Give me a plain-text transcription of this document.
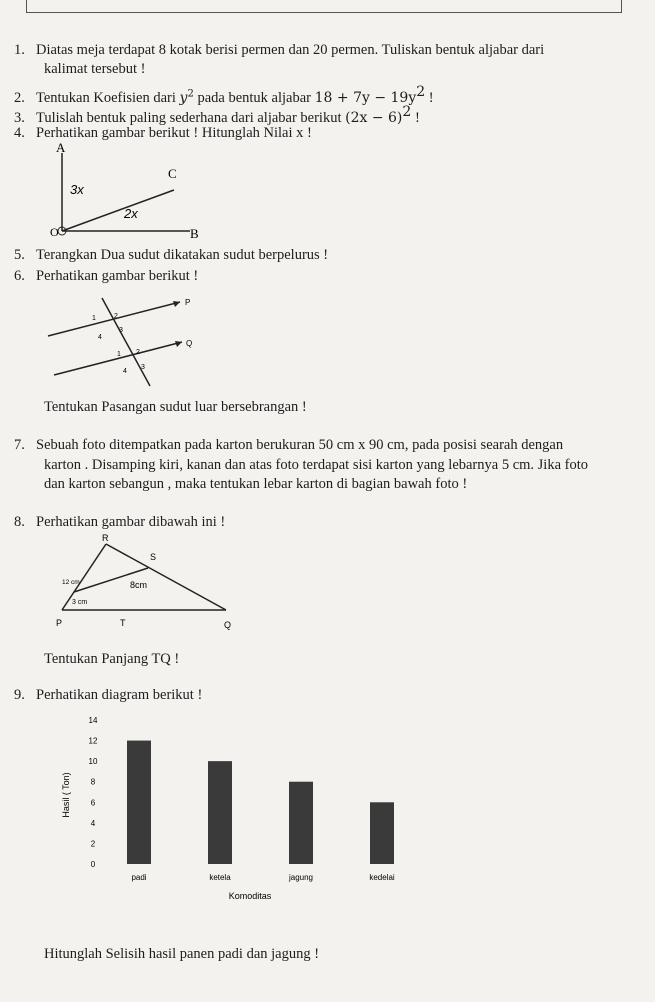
1. Diatas meja terdapat 8 kotak berisi permen dan 20 permen. Tuliskan bentuk aljabar dari
kalimat tersebut !
2. Tentukan Koefisien dari $y^2$ pada bentuk aljabar $18 + 7y - 19y^2$ !
3. Tulislah bentuk paling sederhana dari aljabar berikut $(2x - 6)^2$ !
4. Perhatikan gambar berikut ! Hitunglah Nilai x !
A
C
B
O
3x
2x
5. Terangkan Dua sudut dikatakan sudut berpelurus !
6. Perhatikan gambar berikut !
P
Q
1	2
3
4
1 2
3
4
Tentukan Pasangan sudut luar bersebrangan !
7. Sebuah foto ditempatkan pada karton berukuran 50 cm x 90 cm, pada posisi searah dengan
karton . Disamping kiri, kanan dan atas foto terdapat sisi karton yang lebarnya 5 cm. Jika foto
dan karton sebangun , maka tentukan lebar karton di bagian bawah foto !
8. Perhatikan gambar dibawah ini !
R
S
P	T	Q
12 cm	8cm
3 cm
Tentukan Panjang TQ !
9. Perhatikan diagram berikut !
Hasil ( Ton)
Komoditas
0
2
4
6
8
10
12
14
padi	ketela	jagung	kedelai
Hitunglah Selisih hasil panen padi dan jagung !
